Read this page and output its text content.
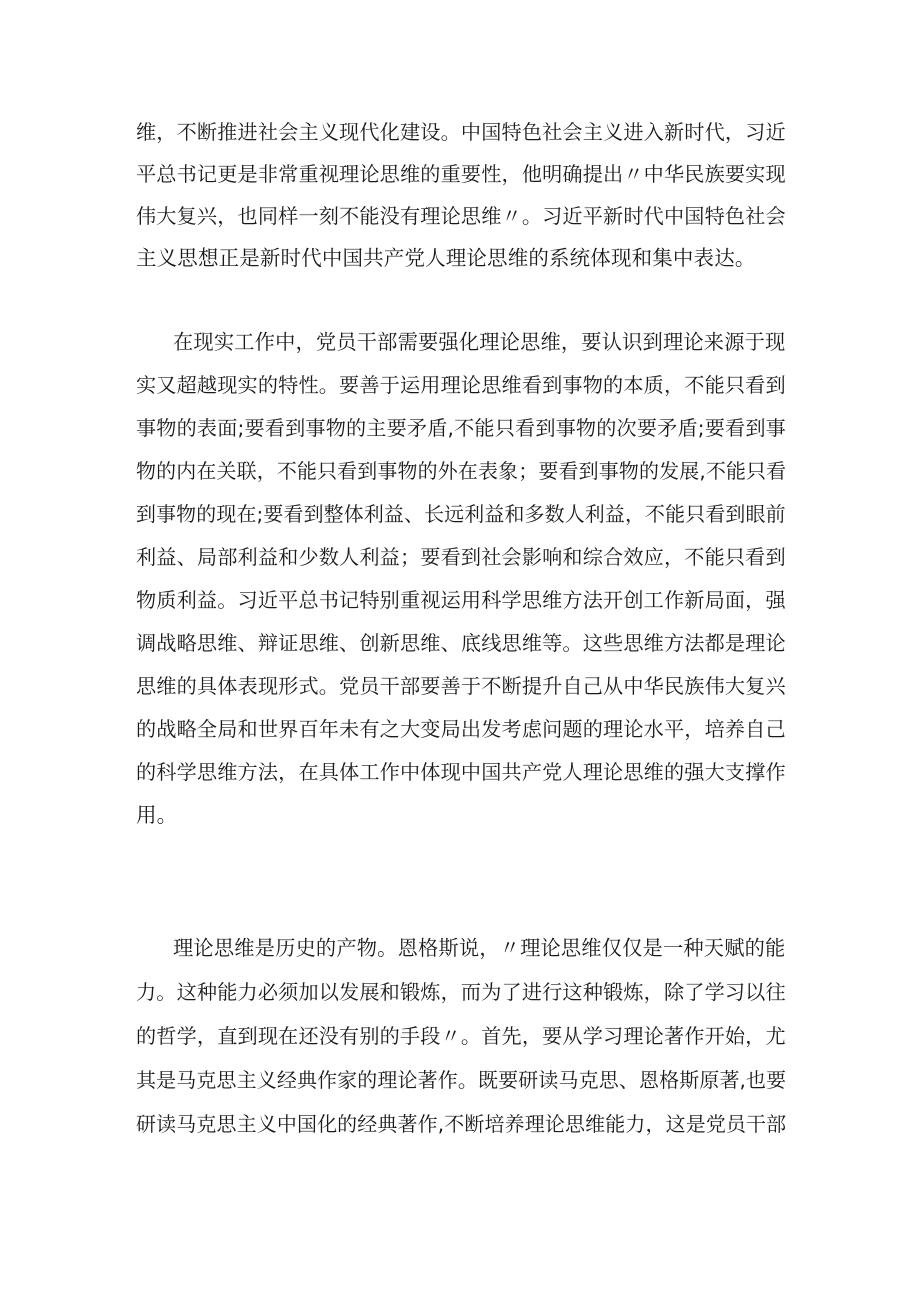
维，不断推进社会主义现代化建设。中国特色社会主义进入新时代，习近
平总书记更是非常重视理论思维的重要性，他明确提出〃中华民族要实现
伟大复兴，也同样一刻不能没有理论思维〃。习近平新时代中国特色社会
主义思想正是新时代中国共产党人理论思维的系统体现和集中表达。
在现实工作中，党员干部需要强化理论思维，要认识到理论来源于现
实又超越现实的特性。要善于运用理论思维看到事物的本质，不能只看到
事物的表面;要看到事物的主要矛盾,不能只看到事物的次要矛盾;要看到事
物的内在关联，不能只看到事物的外在表象；要看到事物的发展,不能只看
到事物的现在;要看到整体利益、长远利益和多数人利益，不能只看到眼前
利益、局部利益和少数人利益；要看到社会影响和综合效应，不能只看到
物质利益。习近平总书记特别重视运用科学思维方法开创工作新局面，强
调战略思维、辩证思维、创新思维、底线思维等。这些思维方法都是理论
思维的具体表现形式。党员干部要善于不断提升自己从中华民族伟大复兴
的战略全局和世界百年未有之大变局出发考虑问题的理论水平，培养自己
的科学思维方法，在具体工作中体现中国共产党人理论思维的强大支撑作
用。
理论思维是历史的产物。恩格斯说，〃理论思维仅仅是一种天赋的能
力。这种能力必须加以发展和锻炼，而为了进行这种锻炼，除了学习以往
的哲学，直到现在还没有别的手段〃。首先，要从学习理论著作开始，尤
其是马克思主义经典作家的理论著作。既要研读马克思、恩格斯原著,也要
研读马克思主义中国化的经典著作,不断培养理论思维能力，这是党员干部
